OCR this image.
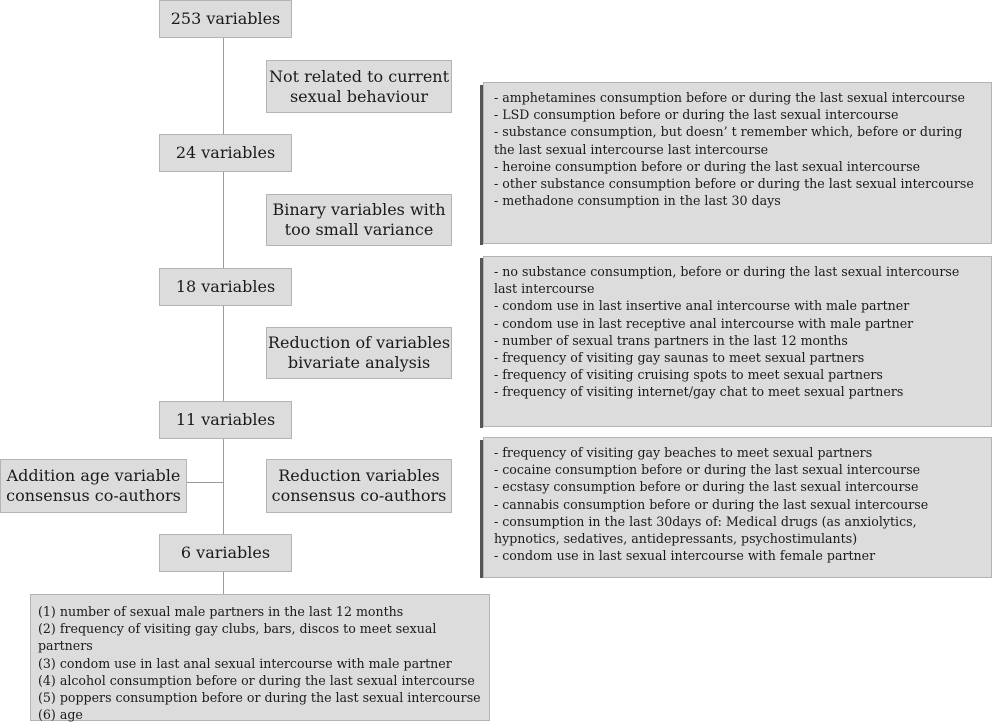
253 variables
24 variables
18 variables
11 variables
6 variables
Not related to current
sexual behaviour
Binary variables with
too small variance
Reduction of variables
bivariate analysis
Reduction variables
consensus co-authors
Addition age variable
consensus co-authors
- amphetamines consumption before or during the last sexual intercourse
- LSD consumption before or during the last sexual intercourse
- substance consumption, but doesn’ t remember which, before or during the last sexual intercourse last intercourse
- heroine consumption before or during the last sexual intercourse
- other substance consumption before or during the last sexual intercourse
- methadone consumption in the last 30 days
- no substance consumption, before or during the last sexual intercourse last intercourse
- condom use in last insertive anal intercourse with male partner
- condom use in last receptive anal intercourse with male partner
- number of sexual trans partners in the last 12 months
- frequency of visiting gay saunas to meet sexual partners
- frequency of visiting cruising spots to meet sexual partners
- frequency of visiting internet/gay chat to meet sexual partners
- frequency of visiting gay beaches to meet sexual partners
- cocaine consumption before or during the last sexual intercourse
- ecstasy consumption before or during the last sexual intercourse
- cannabis consumption before or during the last sexual intercourse
- consumption in the last 30days of: Medical drugs (as anxiolytics, hypnotics, sedatives, antidepressants, psychostimulants)
- condom use in last sexual intercourse with female partner
(1) number of sexual male partners in the last 12 months
(2) frequency of visiting gay clubs, bars, discos to meet sexual partners
(3) condom use in last anal sexual intercourse with male partner
(4) alcohol consumption before or during the last sexual intercourse
(5) poppers consumption before or during the last sexual intercourse
(6) age
